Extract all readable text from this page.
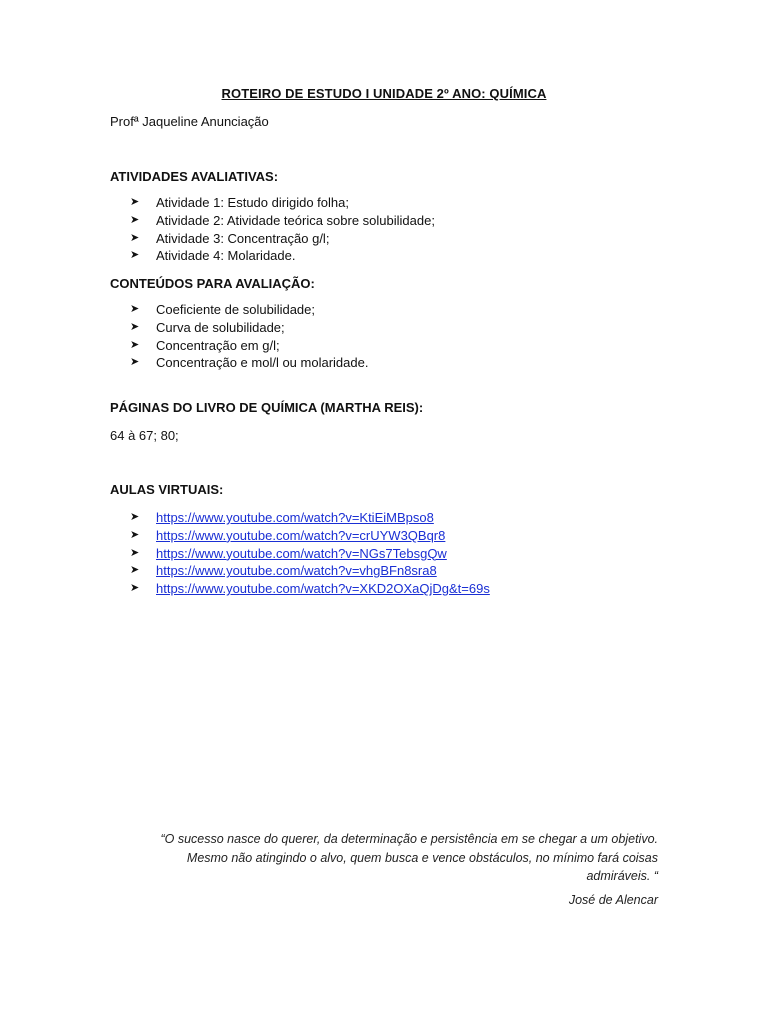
ROTEIRO DE ESTUDO I UNIDADE 2º ANO: QUÍMICA
Profª Jaqueline Anunciação
ATIVIDADES AVALIATIVAS:
➤	Atividade 1: Estudo dirigido folha;
➤	Atividade 2: Atividade teórica sobre solubilidade;
➤	Atividade 3: Concentração g/l;
➤	Atividade 4: Molaridade.
CONTEÚDOS PARA AVALIAÇÃO:
➤	Coeficiente de solubilidade;
➤	Curva de solubilidade;
➤	Concentração em g/l;
➤	Concentração e mol/l ou molaridade.
PÁGINAS DO LIVRO DE QUÍMICA (MARTHA REIS):
64 à 67; 80;
AULAS VIRTUAIS:
➤	https://www.youtube.com/watch?v=KtiEiMBpso8
➤	https://www.youtube.com/watch?v=crUYW3QBqr8
➤	https://www.youtube.com/watch?v=NGs7TebsgQw
➤	https://www.youtube.com/watch?v=vhgBFn8sra8
➤	https://www.youtube.com/watch?v=XKD2OXaQjDg&t=69s
“O sucesso nasce do querer, da determinação e persistência em se chegar a um objetivo.
Mesmo não atingindo o alvo, quem busca e vence obstáculos, no mínimo fará coisas
admiráveis. “
José de Alencar
